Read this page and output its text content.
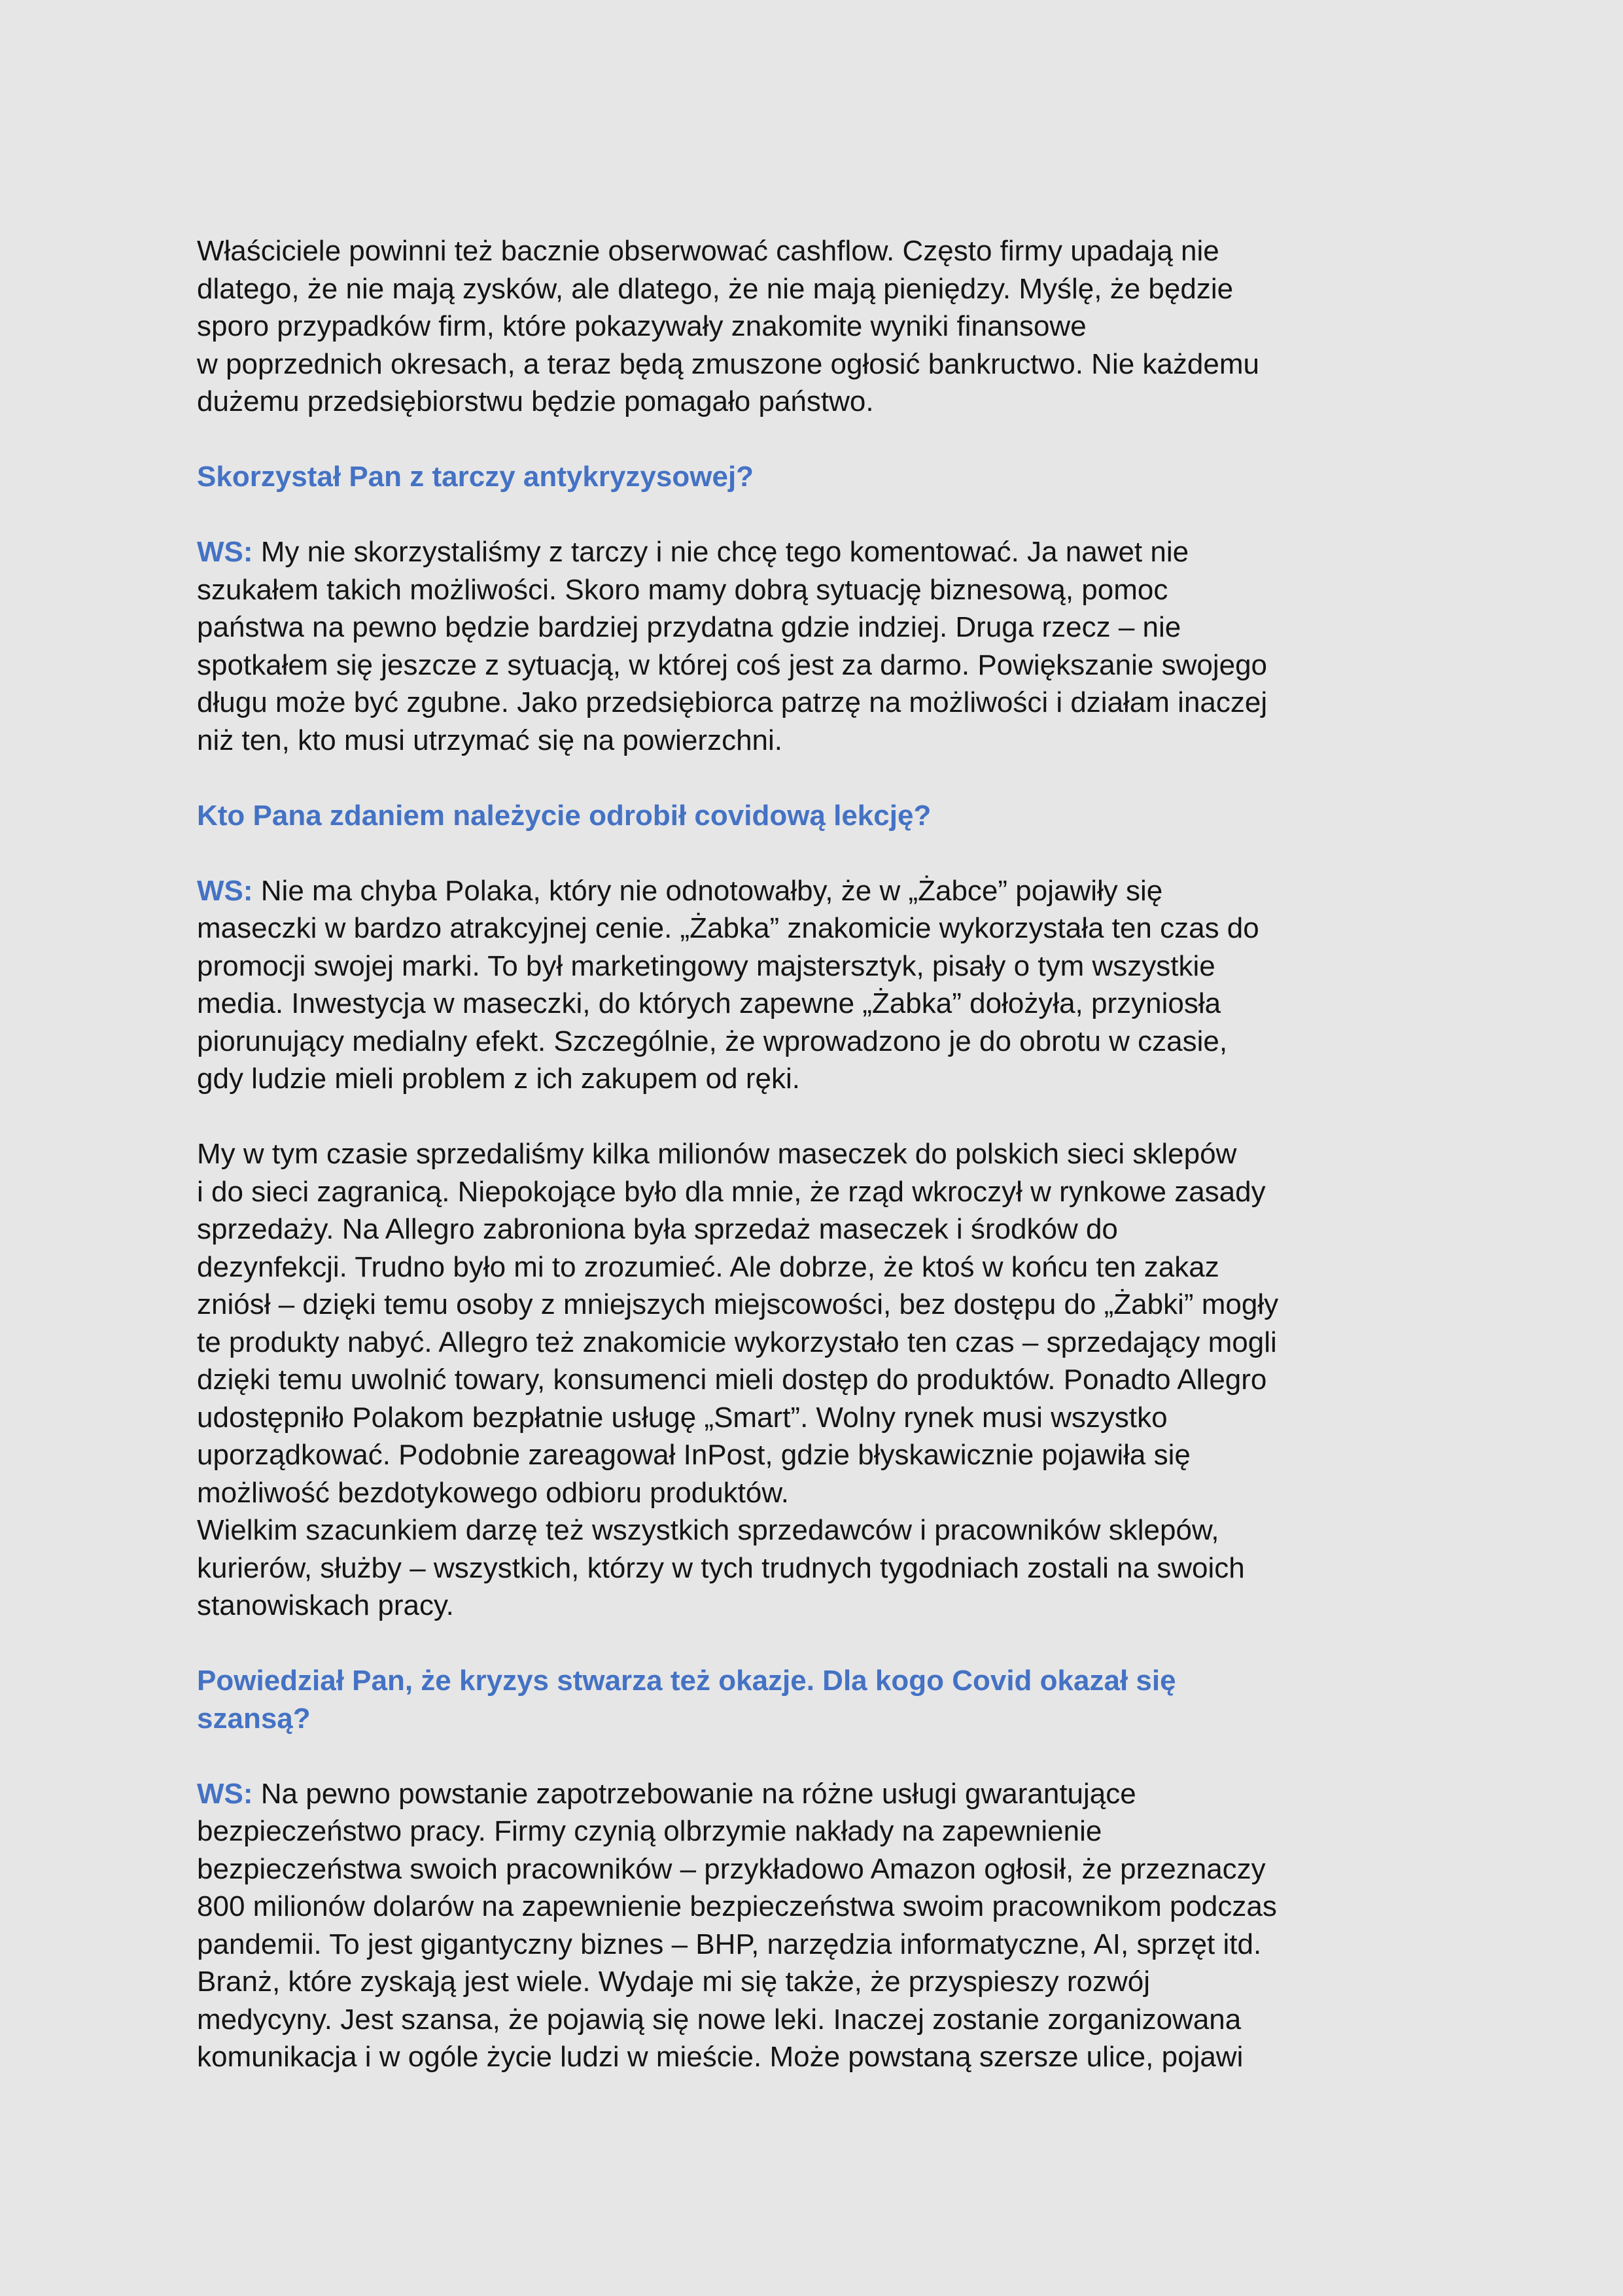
Właściciele powinni też bacznie obserwować cashflow. Często firmy upadają nie
dlatego, że nie mają zysków, ale dlatego, że nie mają pieniędzy. Myślę, że będzie
sporo przypadków firm, które pokazywały znakomite wyniki finansowe
w poprzednich okresach, a teraz będą zmuszone ogłosić bankructwo. Nie każdemu
dużemu przedsiębiorstwu będzie pomagało państwo.
Skorzystał Pan z tarczy antykryzysowej?
WS: My nie skorzystaliśmy z tarczy i nie chcę tego komentować. Ja nawet nie
szukałem takich możliwości. Skoro mamy dobrą sytuację biznesową, pomoc
państwa na pewno będzie bardziej przydatna gdzie indziej. Druga rzecz – nie
spotkałem się jeszcze z sytuacją, w której coś jest za darmo. Powiększanie swojego
długu może być zgubne. Jako przedsiębiorca patrzę na możliwości i działam inaczej
niż ten, kto musi utrzymać się na powierzchni.
Kto Pana zdaniem należycie odrobił covidową lekcję?
WS: Nie ma chyba Polaka, który nie odnotowałby, że w „Żabce” pojawiły się
maseczki w bardzo atrakcyjnej cenie. „Żabka” znakomicie wykorzystała ten czas do
promocji swojej marki. To był marketingowy majstersztyk, pisały o tym wszystkie
media. Inwestycja w maseczki, do których zapewne „Żabka” dołożyła, przyniosła
piorunujący medialny efekt. Szczególnie, że wprowadzono je do obrotu w czasie,
gdy ludzie mieli problem z ich zakupem od ręki.
My w tym czasie sprzedaliśmy kilka milionów maseczek do polskich sieci sklepów
i do sieci zagranicą. Niepokojące było dla mnie, że rząd wkroczył w rynkowe zasady
sprzedaży. Na Allegro zabroniona była sprzedaż maseczek i środków do
dezynfekcji. Trudno było mi to zrozumieć. Ale dobrze, że ktoś w końcu ten zakaz
zniósł – dzięki temu osoby z mniejszych miejscowości, bez dostępu do „Żabki” mogły
te produkty nabyć. Allegro też znakomicie wykorzystało ten czas – sprzedający mogli
dzięki temu uwolnić towary, konsumenci mieli dostęp do produktów. Ponadto Allegro
udostępniło Polakom bezpłatnie usługę „Smart”. Wolny rynek musi wszystko
uporządkować. Podobnie zareagował InPost, gdzie błyskawicznie pojawiła się
możliwość bezdotykowego odbioru produktów.
Wielkim szacunkiem darzę też wszystkich sprzedawców i pracowników sklepów,
kurierów, służby – wszystkich, którzy w tych trudnych tygodniach zostali na swoich
stanowiskach pracy.
Powiedział Pan, że kryzys stwarza też okazje. Dla kogo Covid okazał się
szansą?
WS: Na pewno powstanie zapotrzebowanie na różne usługi gwarantujące
bezpieczeństwo pracy. Firmy czynią olbrzymie nakłady na zapewnienie
bezpieczeństwa swoich pracowników – przykładowo Amazon ogłosił, że przeznaczy
800 milionów dolarów na zapewnienie bezpieczeństwa swoim pracownikom podczas
pandemii. To jest gigantyczny biznes – BHP, narzędzia informatyczne, AI, sprzęt itd.
Branż, które zyskają jest wiele. Wydaje mi się także, że przyspieszy rozwój
medycyny. Jest szansa, że pojawią się nowe leki. Inaczej zostanie zorganizowana
komunikacja i w ogóle życie ludzi w mieście. Może powstaną szersze ulice, pojawi
